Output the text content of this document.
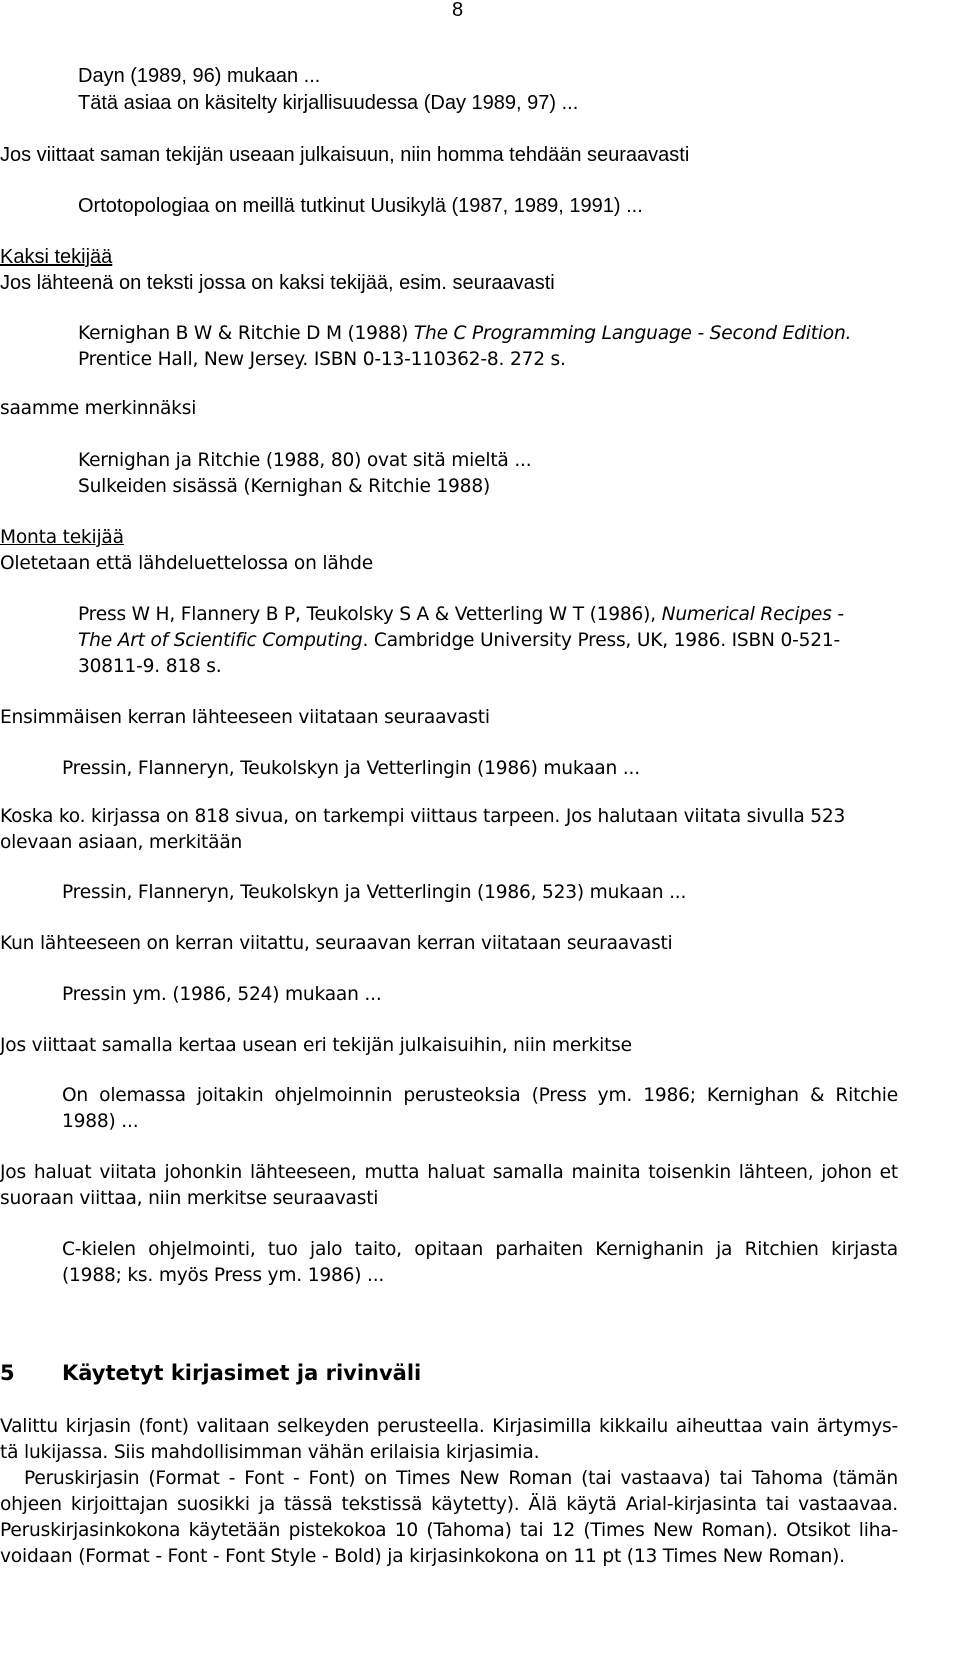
8

Dayn (1989, 96) mukaan ...

Tätä asiaa on käsitelty kirjallisuudessa (Day 1989, 97) ...

Jos viittaat saman tekijän useaan julkaisuun, niin homma tehdään seuraavasti

Ortotopologiaa on meillä tutkinut Uusikylä (1987, 1989, 1991) ...

Kaksi tekijää

Jos lähteenä on teksti jossa on kaksi tekijää, esim. seuraavasti

Kernighan B W & Ritchie D M (1988) The C Programming Language - Second Edition.

Prentice Hall, New Jersey. ISBN 0-13-110362-8. 272 s.

saamme merkinnäksi

Kernighan ja Ritchie (1988, 80) ovat sitä mieltä ...

Sulkeiden sisässä (Kernighan & Ritchie 1988)

Monta tekijää

Oletetaan että lähdeluettelossa on lähde

Press W H, Flannery B P, Teukolsky S A & Vetterling W T (1986), Numerical Recipes -

The Art of Scientific Computing. Cambridge University Press, UK, 1986. ISBN 0-521-

30811-9. 818 s.

Ensimmäisen kerran lähteeseen viitataan seuraavasti

Pressin, Flanneryn, Teukolskyn ja Vetterlingin (1986) mukaan ...

Koska ko. kirjassa on 818 sivua, on tarkempi viittaus tarpeen. Jos halutaan viitata sivulla 523

olevaan asiaan, merkitään

Pressin, Flanneryn, Teukolskyn ja Vetterlingin (1986, 523) mukaan ...

Kun lähteeseen on kerran viitattu, seuraavan kerran viitataan seuraavasti

Pressin ym. (1986, 524) mukaan ...

Jos viittaat samalla kertaa usean eri tekijän julkaisuihin, niin merkitse

On olemassa joitakin ohjelmoinnin perusteoksia (Press ym. 1986; Kernighan & Ritchie

1988) ...

Jos haluat viitata johonkin lähteeseen, mutta haluat samalla mainita toisenkin lähteen, johon et

suoraan viittaa, niin merkitse seuraavasti

C-kielen ohjelmointi, tuo jalo taito, opitaan parhaiten Kernighanin ja Ritchien kirjasta

(1988; ks. myös Press ym. 1986) ...

5 Käytetyt kirjasimet ja rivinväli

Valittu kirjasin (font) valitaan selkeyden perusteella. Kirjasimilla kikkailu aiheuttaa vain ärtymys-

tä lukijassa. Siis mahdollisimman vähän erilaisia kirjasimia.

Peruskirjasin (Format - Font - Font) on Times New Roman (tai vastaava) tai Tahoma (tämän

ohjeen kirjoittajan suosikki ja tässä tekstissä käytetty). Älä käytä Arial-kirjasinta tai vastaavaa.

Peruskirjasinkokona käytetään pistekokoa 10 (Tahoma) tai 12 (Times New Roman). Otsikot liha-

voidaan (Format - Font - Font Style - Bold) ja kirjasinkokona on 11 pt (13 Times New Roman).
